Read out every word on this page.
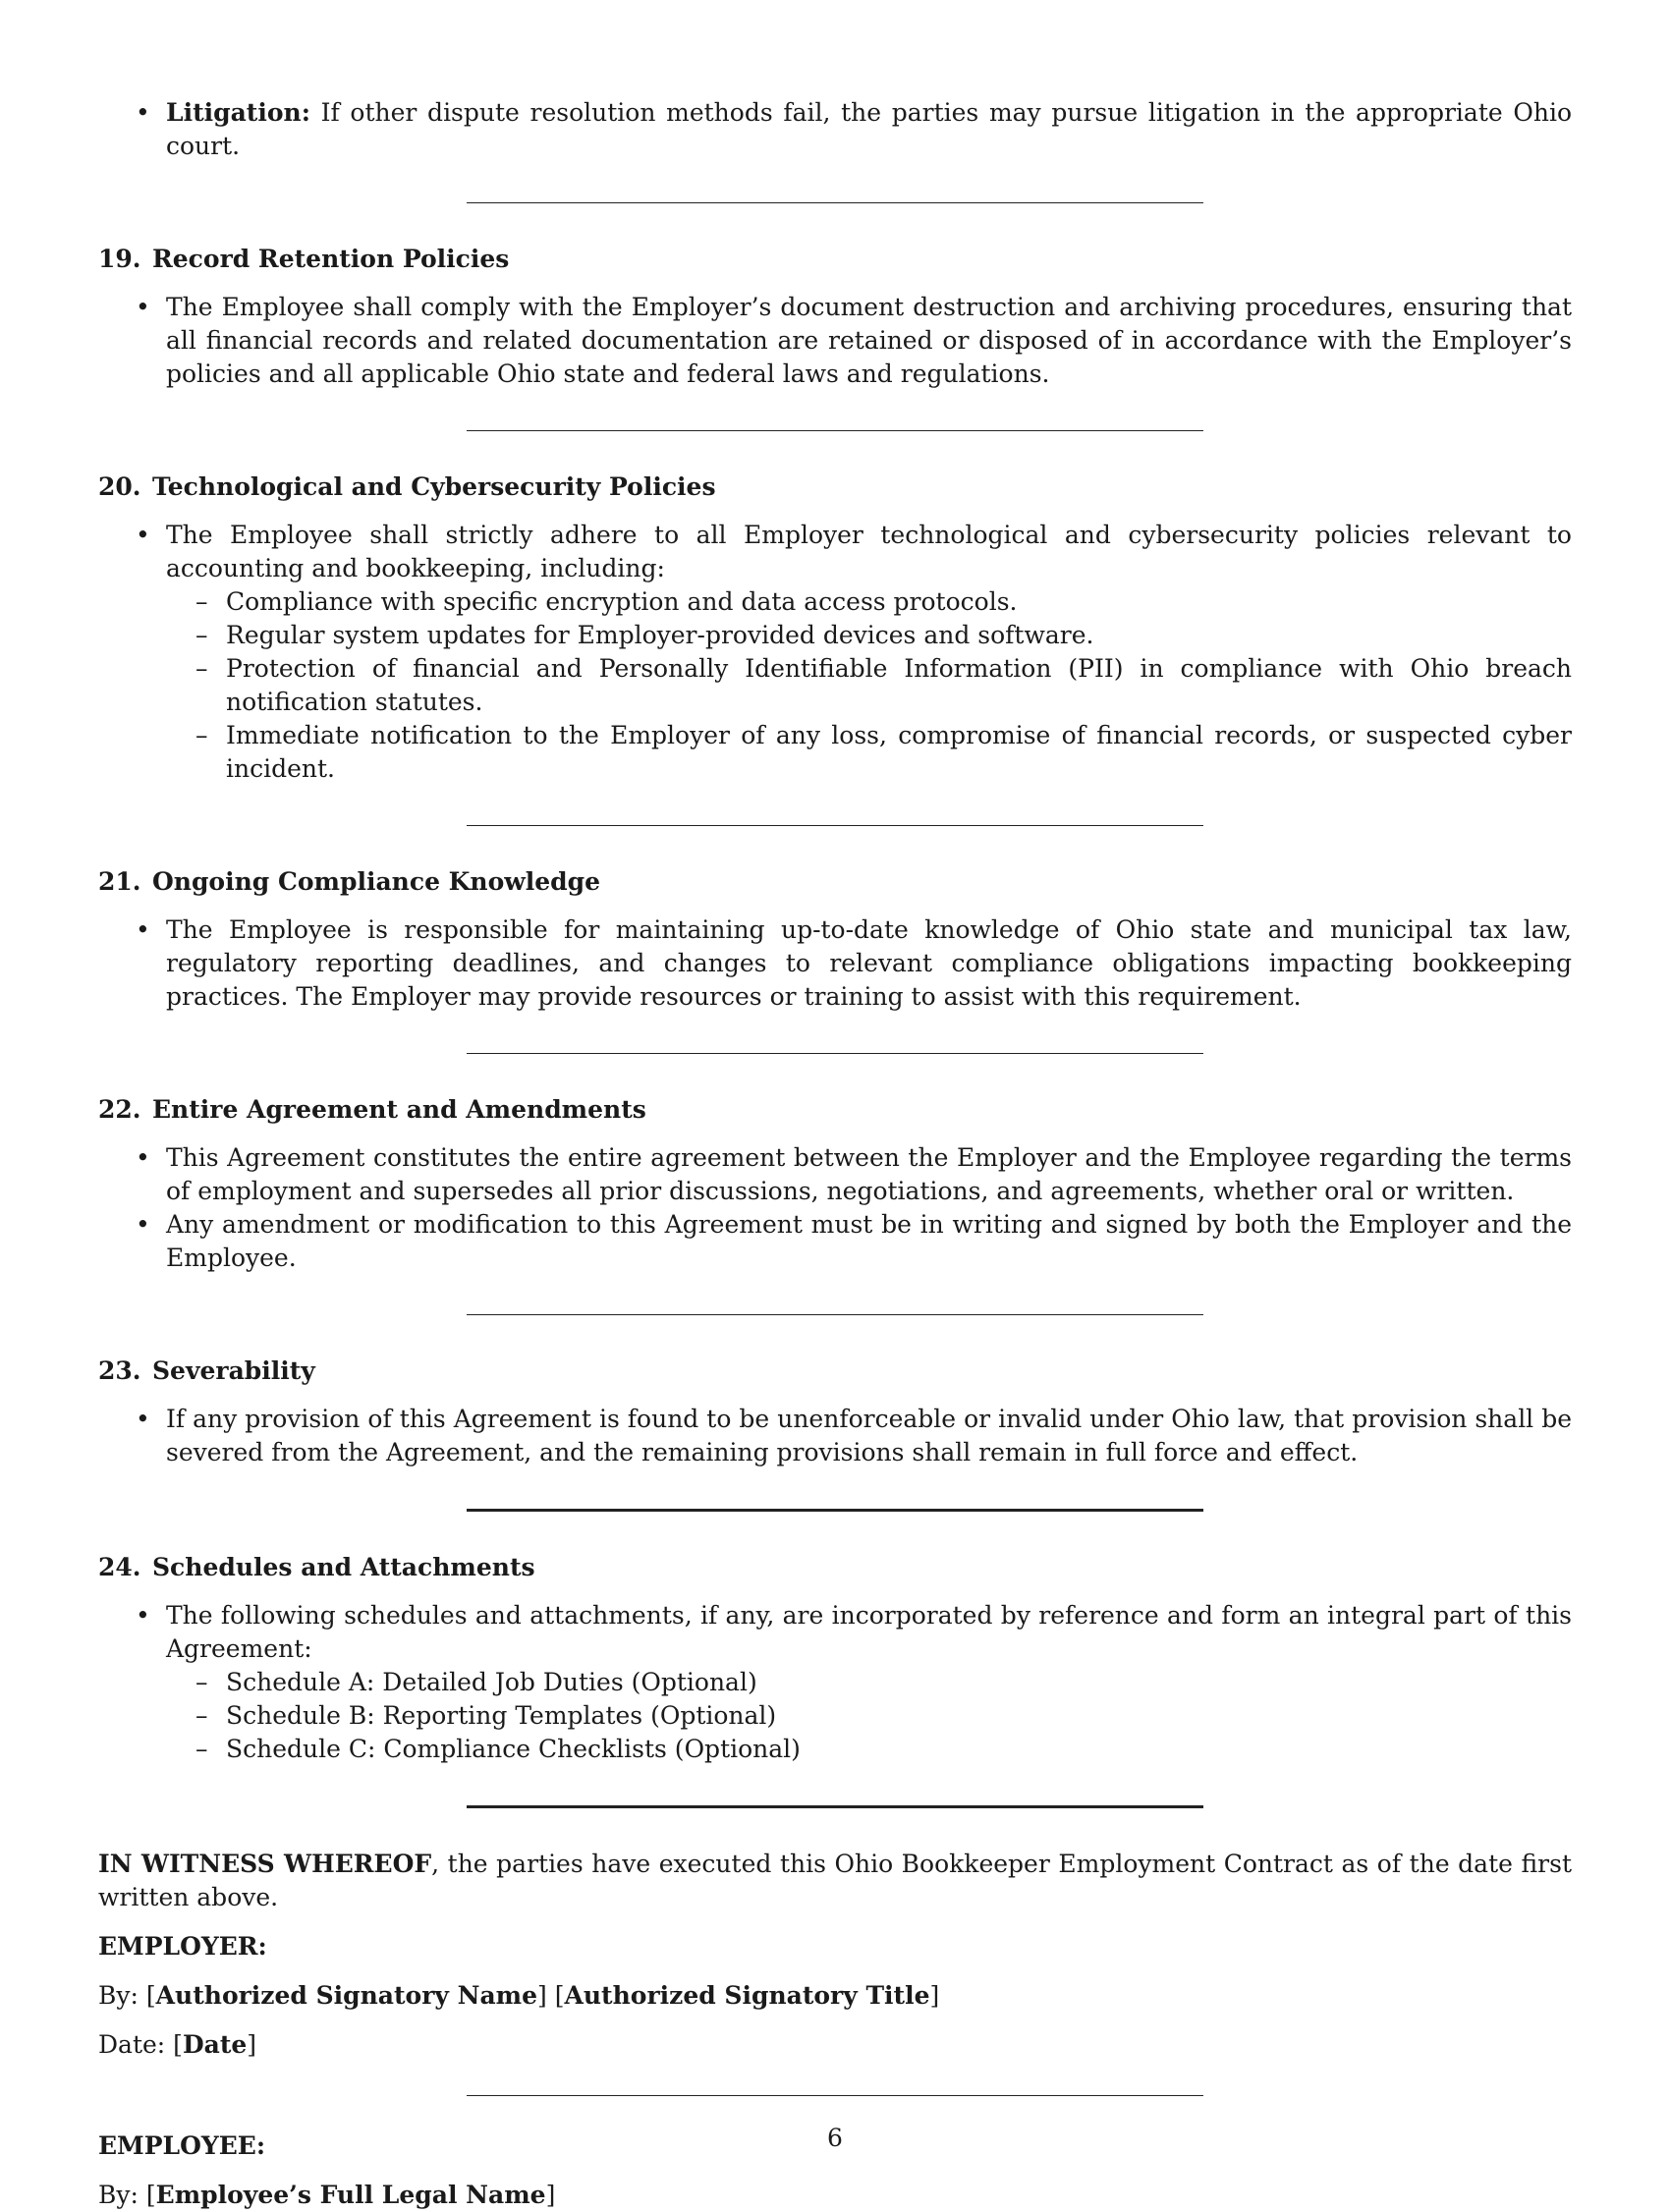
• Litigation: If other dispute resolution methods fail, the parties may pursue litigation in the appropriate Ohio court.
19. Record Retention Policies
• The Employee shall comply with the Employer’s document destruction and archiving procedures, ensuring that all financial records and related documentation are retained or disposed of in accordance with the Employer’s policies and all applicable Ohio state and federal laws and regulations.
20. Technological and Cybersecurity Policies
• The Employee shall strictly adhere to all Employer technological and cybersecurity policies relevant to accounting and bookkeeping, including:
– Compliance with specific encryption and data access protocols.
– Regular system updates for Employer-provided devices and software.
– Protection of financial and Personally Identifiable Information (PII) in compliance with Ohio breach notification statutes.
– Immediate notification to the Employer of any loss, compromise of financial records, or suspected cyber incident.
21. Ongoing Compliance Knowledge
• The Employee is responsible for maintaining up-to-date knowledge of Ohio state and municipal tax law, regulatory reporting deadlines, and changes to relevant compliance obligations impacting bookkeeping practices. The Employer may provide resources or training to assist with this requirement.
22. Entire Agreement and Amendments
• This Agreement constitutes the entire agreement between the Employer and the Employee regarding the terms of employment and supersedes all prior discussions, negotiations, and agreements, whether oral or written.
• Any amendment or modification to this Agreement must be in writing and signed by both the Employer and the Employee.
23. Severability
• If any provision of this Agreement is found to be unenforceable or invalid under Ohio law, that provision shall be severed from the Agreement, and the remaining provisions shall remain in full force and effect.
24. Schedules and Attachments
• The following schedules and attachments, if any, are incorporated by reference and form an integral part of this Agreement:
– Schedule A: Detailed Job Duties (Optional)
– Schedule B: Reporting Templates (Optional)
– Schedule C: Compliance Checklists (Optional)

IN WITNESS WHEREOF, the parties have executed this Ohio Bookkeeper Employment Contract as of the date first written above.

EMPLOYER:

By: [Authorized Signatory Name] [Authorized Signatory Title]

Date: [Date]

EMPLOYEE:

By: [Employee’s Full Legal Name]

6
